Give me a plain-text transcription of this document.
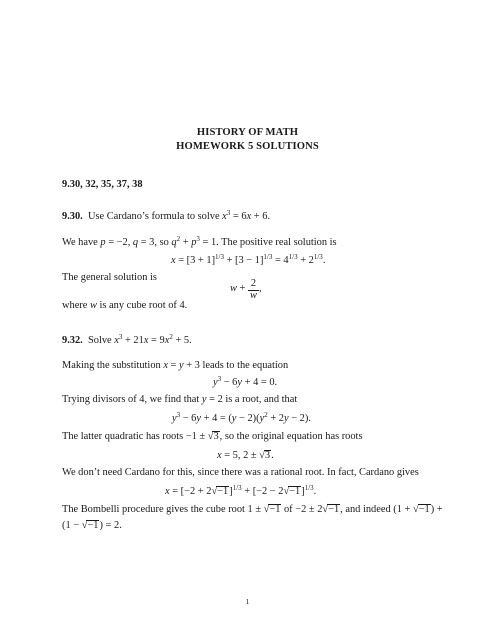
HISTORY OF MATH
HOMEWORK 5 SOLUTIONS
9.30, 32, 35, 37, 38
9.30.  Use Cardano’s formula to solve $x^3 = 6x + 6$.
We have p = −2, q = 3, so $q^2 + p^3 = 1$. The positive real solution is
$x = [3 + 1]^{1/3} + [3 - 1]^{1/3} = 4^{1/3} + 2^{1/3}$.
The general solution is
$w + \frac{2}{w}$ ,
where w is any cube root of 4.
9.32.  Solve $x^3 + 21x = 9x^2 + 5$.
Making the substitution x = y + 3 leads to the equation
$y^3 - 6y + 4 = 0$.
Trying divisors of 4, we find that y = 2 is a root, and that
$y^3 - 6y + 4 = (y - 2)(y^2 + 2y - 2)$.
The latter quadratic has roots −1 ± √3, so the original equation has roots
x = 5, 2 ± √3.
We don’t need Cardano for this, since there was a rational root. In fact, Cardano gives
$x = [-2 + 2√-1]^{1/3} + [-2 - 2√-1]^{1/3}$.
The Bombelli procedure gives the cube root 1 ± √−1 of −2 ± 2√−1, and indeed (1 + √−1) +
(1 − √−1) = 2.
1
